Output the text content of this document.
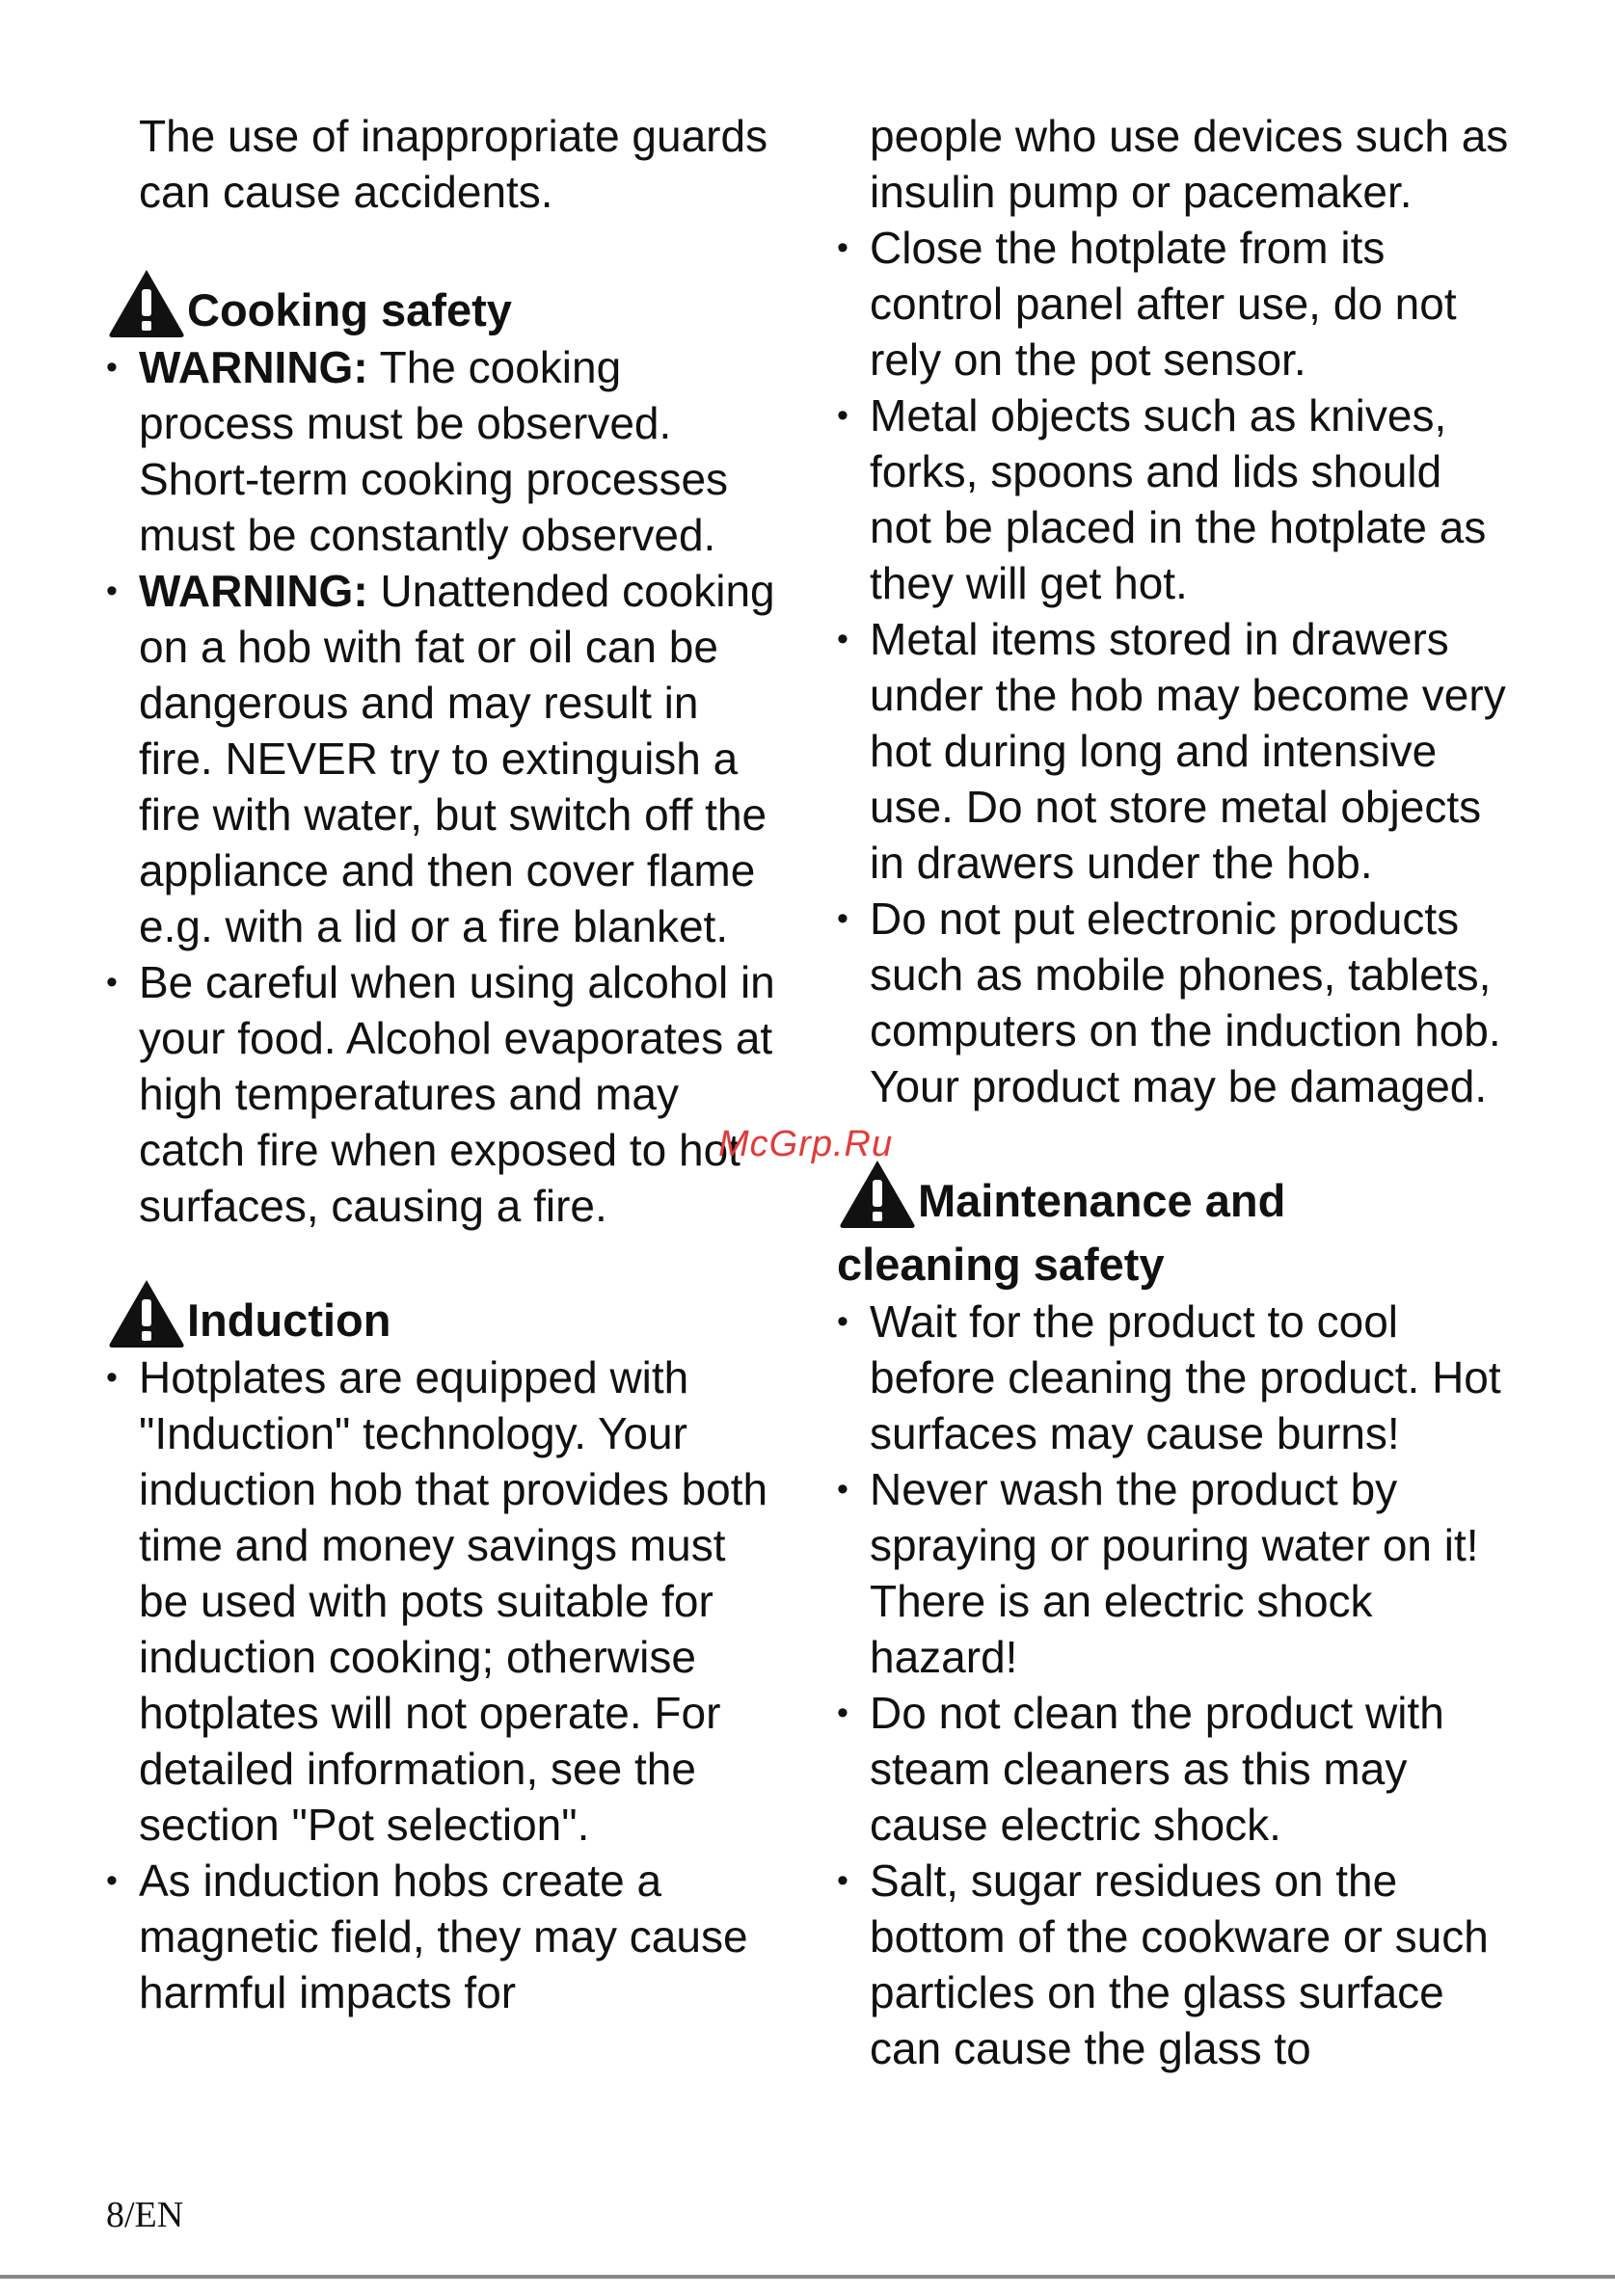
The use of inappropriate guards can cause accidents.

Cooking safety
• WARNING: The cooking process must be observed. Short-term cooking processes must be constantly observed.
• WARNING: Unattended cooking on a hob with fat or oil can be dangerous and may result in fire. NEVER try to extinguish a fire with water, but switch off the appliance and then cover flame e.g. with a lid or a fire blanket.
• Be careful when using alcohol in your food. Alcohol evaporates at high temperatures and may catch fire when exposed to hot surfaces, causing a fire.
Induction
• Hotplates are equipped with "Induction" technology. Your induction hob that provides both time and money savings must be used with pots suitable for induction cooking; otherwise hotplates will not operate. For detailed information, see the section "Pot selection".
• As induction hobs create a magnetic field, they may cause harmful impacts for

people who use devices such as insulin pump or pacemaker.

• Close the hotplate from its control panel after use, do not rely on the pot sensor.
• Metal objects such as knives, forks, spoons and lids should not be placed in the hotplate as they will get hot.
• Metal items stored in drawers under the hob may become very hot during long and intensive use. Do not store metal objects in drawers under the hob.
• Do not put electronic products such as mobile phones, tablets, computers on the induction hob. Your product may be damaged.
Maintenance and
cleaning safety
• Wait for the product to cool before cleaning the product. Hot surfaces may cause burns!
• Never wash the product by spraying or pouring water on it! There is an electric shock hazard!
• Do not clean the product with steam cleaners as this may cause electric shock.
• Salt, sugar residues on the bottom of the cookware or such particles on the glass surface can cause the glass to
McGrp.Ru
8/EN
